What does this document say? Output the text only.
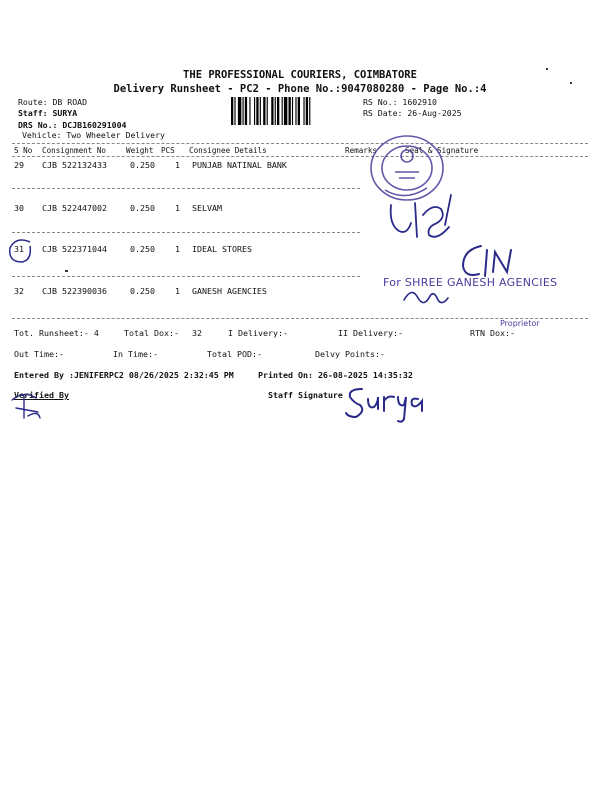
THE PROFESSIONAL COURIERS, COIMBATORE
Delivery Runsheet - PC2 - Phone No.:9047080280 - Page No.:4
Route: DB ROAD
Staff: SURYA
DRS No.: DCJB160291004
Vehicle: Two Wheeler Delivery
RS No.: 1602910
RS Date: 26-Aug-2025
S No Consignment No	Weight PCS Consignee Details	Remarks	Seal & Signature
29 CJB 522132433	0.250 1 PUNJAB NATINAL BANK
30 CJB 522447002	0.250 1 SELVAM
31 CJB 522371044	0.250 1 IDEAL STORES
32 CJB 522390036	0.250 1 GANESH AGENCIES
Tot. Runsheet:- 4	Total Dox:- 32	I Delivery:-	II Delivery:-	RTN Dox:-
Out Time:-	In Time:-	Total POD:-	Delvy Points:-
Entered By :JENIFERPC2 08/26/2025 2:32:45 PM	Printed On: 26-08-2025 14:35:32
Verified By	Staff Signature
For SHREE GANESH AGENCIES
Proprietor
